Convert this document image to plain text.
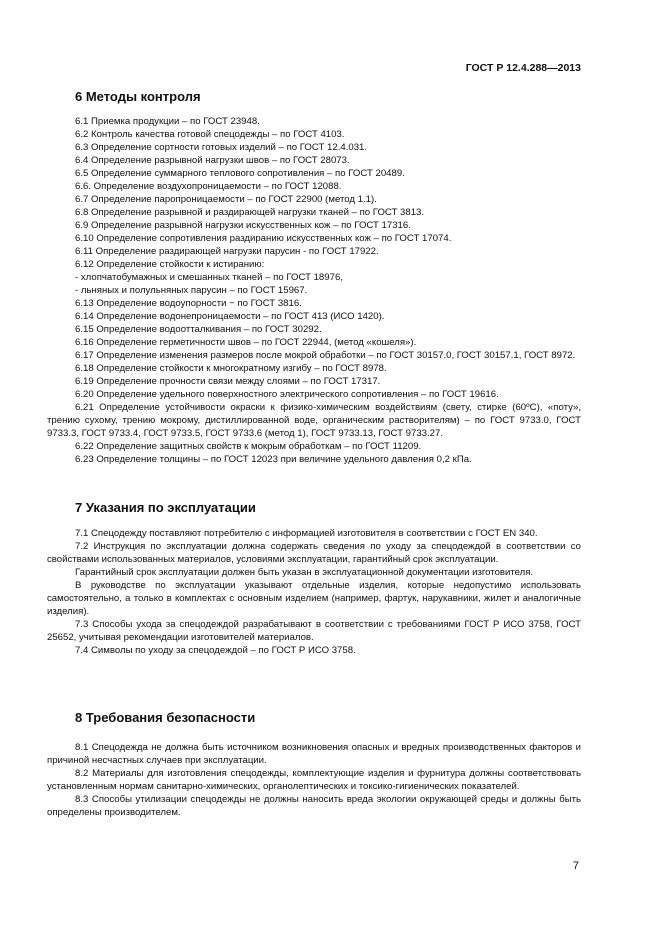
ГОСТ Р 12.4.288—2013
6 Методы контроля

6.1 Приемка продукции – по ГОСТ 23948.

6.2 Контроль качества готовой спецодежды – по ГОСТ 4103.

6.3 Определение сортности готовых изделий – по ГОСТ 12.4.031.

6.4 Определение разрывной нагрузки швов – по ГОСТ 28073.

6.5 Определение суммарного теплового сопротивления – по ГОСТ 20489.

6.6. Определение воздухопроницаемости – по ГОСТ 12088.

6.7 Определение паропроницаемости – по ГОСТ 22900 (метод 1.1).

6.8 Определение разрывной и раздирающей нагрузки тканей – по ГОСТ 3813.

6.9 Определение разрывной нагрузки искусственных кож – по ГОСТ 17316.

6.10 Определение сопротивления раздиранию искусственных кож – по ГОСТ 17074.

6.11 Определение раздирающей нагрузки парусин - по ГОСТ 17922.

6.12 Определение стойкости к истиранию:

- хлопчатобумажных и смешанных тканей – по ГОСТ 18976,

- льняных и полульняных парусин – по ГОСТ 15967.

6.13 Определение водоупорности − по ГОСТ 3816.

6.14 Определение водонепроницаемости – по ГОСТ 413 (ИСО 1420).

6.15 Определение водоотталкивания – по ГОСТ 30292.

6.16 Определение герметичности швов – по ГОСТ 22944, (метод «кошеля»).

6.17 Определение изменения размеров после мокрой обработки – по ГОСТ 30157.0, ГОСТ 30157.1, ГОСТ 8972.

6.18 Определение стойкости к многократному изгибу – по ГОСТ 8978.

6.19 Определение прочности связи между слоями – по ГОСТ 17317.

6.20 Определение удельного поверхностного электрического сопротивления – по ГОСТ 19616.

6.21 Определение устойчивости окраски к физико-химическим воздействиям (свету, стирке (60ºС), «поту», трению сухому, трению мокрому, дистиллированной воде, органическим растворителям) – по ГОСТ 9733.0, ГОСТ 9733.3, ГОСТ 9733.4, ГОСТ 9733.5, ГОСТ 9733.6 (метод 1), ГОСТ 9733.13, ГОСТ 9733.27.

6.22 Определение защитных свойств к мокрым обработкам – по ГОСТ 11209.

6.23 Определение толщины – по ГОСТ 12023 при величине удельного давления 0,2 кПа.

7 Указания по эксплуатации

7.1 Спецодежду поставляют потребителю с информацией изготовителя в соответствии с ГОСТ EN 340.

7.2 Инструкция по эксплуатации должна содержать сведения по уходу за спецодеждой в соответствии со свойствами использованных материалов, условиями эксплуатации, гарантийный срок эксплуатации.

Гарантийный срок эксплуатации должен быть указан в эксплуатационной документации изготовителя.

В руководстве по эксплуатации указывают отдельные изделия, которые недопустимо использовать самостоятельно, а только в комплектах с основным изделием (например, фартук, нарукавники, жилет и аналогичные изделия).

7.3 Способы ухода за спецодеждой разрабатывают в соответствии с требованиями ГОСТ Р ИСО 3758, ГОСТ 25652, учитывая рекомендации изготовителей материалов.

7.4 Символы по уходу за спецодеждой – по ГОСТ Р ИСО 3758.

8 Требования безопасности

8.1 Спецодежда не должна быть источником возникновения опасных и вредных производственных факторов и причиной несчастных случаев при эксплуатации.

8.2 Материалы для изготовления спецодежды, комплектующие изделия и фурнитура должны соответствовать установленным нормам санитарно-химических, органолептических и токсико-гигиенических показателей.

8.3 Способы утилизации спецодежды не должны наносить вреда экологии окружающей среды и должны быть определены производителем.

7
